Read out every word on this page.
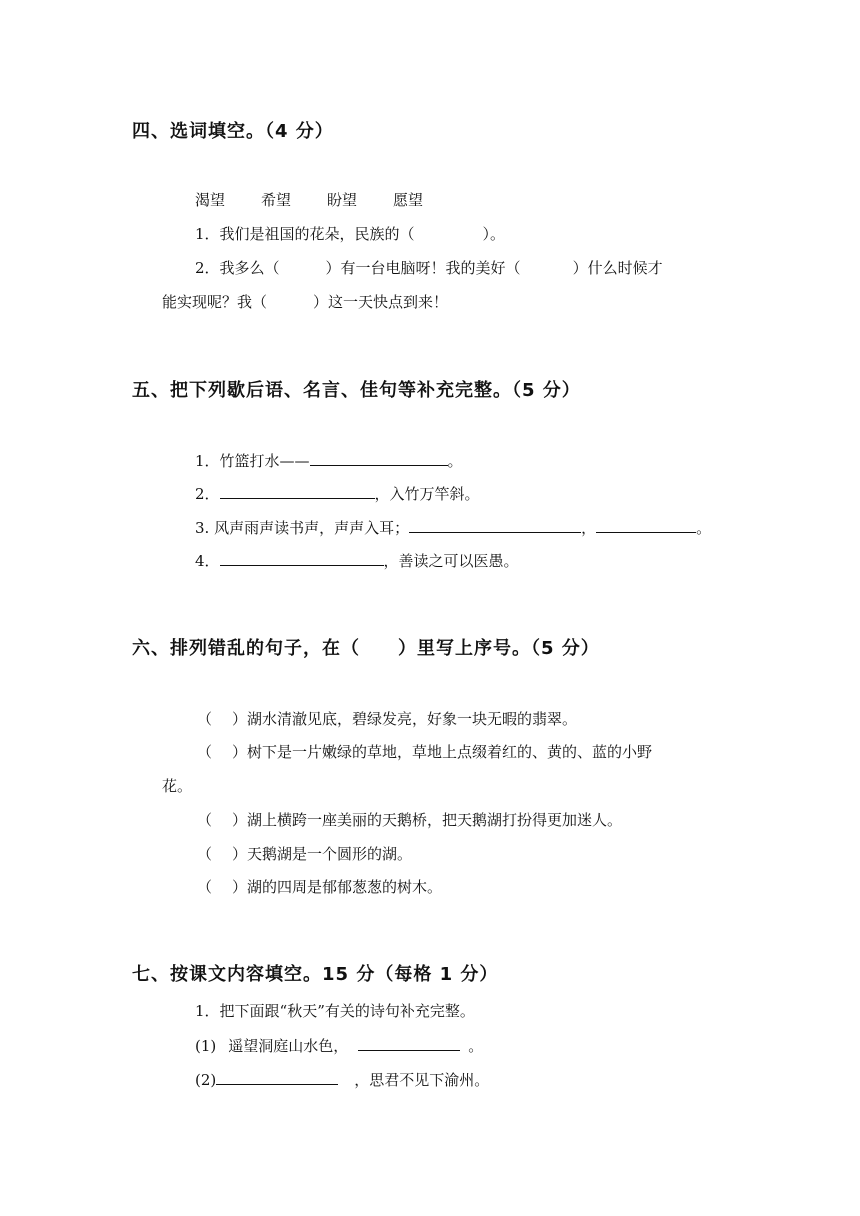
四、选词填空。（4 分）
渴望 希望 盼望 愿望
1．我们是祖国的花朵，民族的（	）。
2．我多么（	）有一台电脑呀！我的美好（	）什么时候才
能实现呢？我（	）这一天快点到来！
五、把下列歇后语、名言、佳句等补充完整。（5 分）
1．竹篮打水——	。
2．	，入竹万竿斜。
3. 风声雨声读书声，声声入耳；	，	。
4．	，善读之可以医愚。
六、排列错乱的句子，在（　　）里写上序号。（5 分）
（ ）湖水清澈见底，碧绿发亮，好象一块无暇的翡翠。
（ ）树下是一片嫩绿的草地，草地上点缀着红的、黄的、蓝的小野
花。
（ ）湖上横跨一座美丽的天鹅桥，把天鹅湖打扮得更加迷人。
（ ）天鹅湖是一个圆形的湖。
（ ）湖的四周是郁郁葱葱的树木。
七、按课文内容填空。15 分（每格 1 分）
1．把下面跟“秋天”有关的诗句补充完整。
(1) 遥望洞庭山水色，	。
(2)	，思君不见下渝州。
